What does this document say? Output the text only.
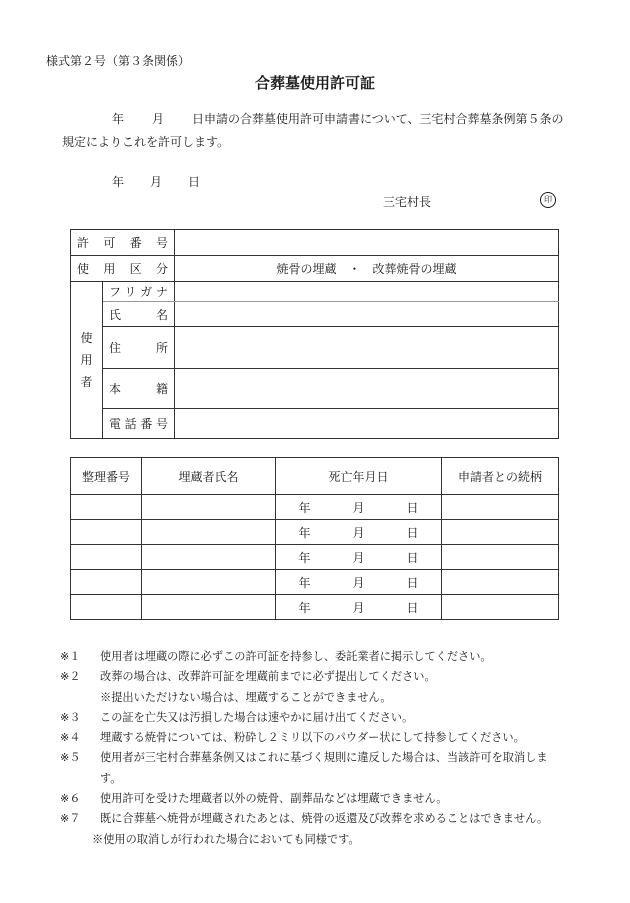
様式第２号（第３条関係）
合葬墓使用許可証
年 月 日申請の合葬墓使用許可申請書について、三宅村合葬墓条例第５条の
規定によりこれを許可します。
年 月 日
三宅村長	印
許　可　番　号		
使　用　区　分		焼骨の埋蔵　・　改葬焼骨の埋蔵

使
用
者	フリガナ	
	氏　　名	
	住　　所	
	本　　籍	
	電話番号	
整理番号	埋蔵者氏名	死亡年月日	申請者との続柄
		年 月 日	
		年 月 日	
		年 月 日	
		年 月 日	
		年 月 日	
※１ 使用者は埋蔵の際に必ずこの許可証を持参し、委託業者に掲示してください。
※２ 改葬の場合は、改葬許可証を埋蔵前までに必ず提出してください。
※提出いただけない場合は、埋蔵することができません。
※３ この証を亡失又は汚損した場合は速やかに届け出てください。
※４ 埋蔵する焼骨については、粉砕し２ミリ以下のパウダー状にして持参してください。
※５ 使用者が三宅村合葬墓条例又はこれに基づく規則に違反した場合は、当該許可を取消しま
す。
※６ 使用許可を受けた埋蔵者以外の焼骨、副葬品などは埋蔵できません。
※７ 既に合葬墓へ焼骨が埋蔵されたあとは、焼骨の返還及び改葬を求めることはできません。
※使用の取消しが行われた場合においても同様です。
